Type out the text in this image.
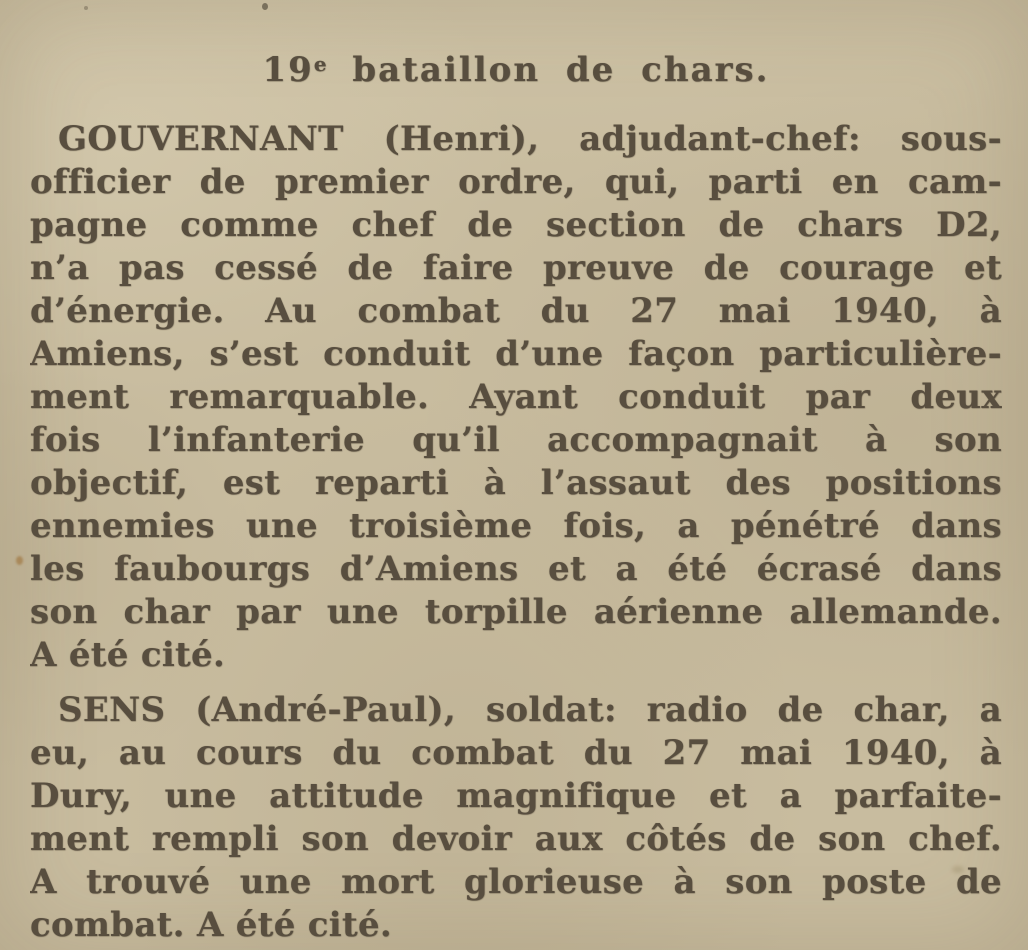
19e bataillon de chars.
GOUVERNANT (Henri), adjudant-chef: sous-
officier de premier ordre, qui, parti en cam-
pagne comme chef de section de chars D2,
n’a pas cessé de faire preuve de courage et
d’énergie. Au combat du 27 mai 1940, à
Amiens, s’est conduit d’une façon particulière-
ment remarquable. Ayant conduit par deux
fois l’infanterie qu’il accompagnait à son
objectif, est reparti à l’assaut des positions
ennemies une troisième fois, a pénétré dans
les faubourgs d’Amiens et a été écrasé dans
son char par une torpille aérienne allemande.
A été cité.
SENS (André-Paul), soldat: radio de char, a
eu, au cours du combat du 27 mai 1940, à
Dury, une attitude magnifique et a parfaite-
ment rempli son devoir aux côtés de son chef.
A trouvé une mort glorieuse à son poste de
combat. A été cité.
